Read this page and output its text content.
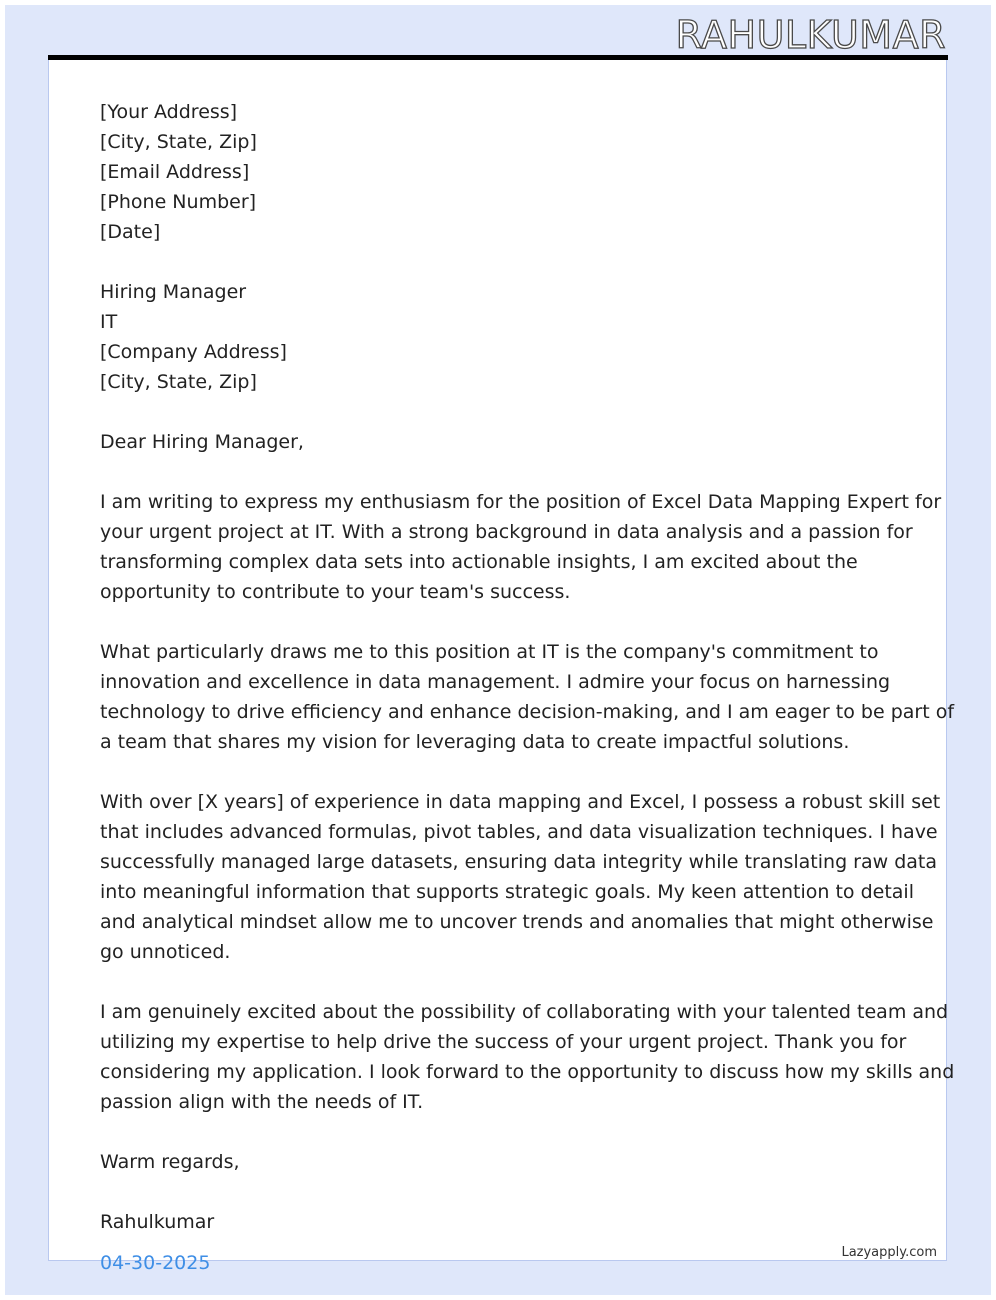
RAHULKUMAR
[Your Address]
[City, State, Zip]
[Email Address]
[Phone Number]
[Date]
Hiring Manager
IT
[Company Address]
[City, State, Zip]
Dear Hiring Manager,
I am writing to express my enthusiasm for the position of Excel Data Mapping Expert for
your urgent project at IT. With a strong background in data analysis and a passion for
transforming complex data sets into actionable insights, I am excited about the
opportunity to contribute to your team's success.
What particularly draws me to this position at IT is the company's commitment to
innovation and excellence in data management. I admire your focus on harnessing
technology to drive efficiency and enhance decision-making, and I am eager to be part of
a team that shares my vision for leveraging data to create impactful solutions.
With over [X years] of experience in data mapping and Excel, I possess a robust skill set
that includes advanced formulas, pivot tables, and data visualization techniques. I have
successfully managed large datasets, ensuring data integrity while translating raw data
into meaningful information that supports strategic goals. My keen attention to detail
and analytical mindset allow me to uncover trends and anomalies that might otherwise
go unnoticed.
I am genuinely excited about the possibility of collaborating with your talented team and
utilizing my expertise to help drive the success of your urgent project. Thank you for
considering my application. I look forward to the opportunity to discuss how my skills and
passion align with the needs of IT.
Warm regards,
Rahulkumar
04-30-2025	Lazyapply.com
